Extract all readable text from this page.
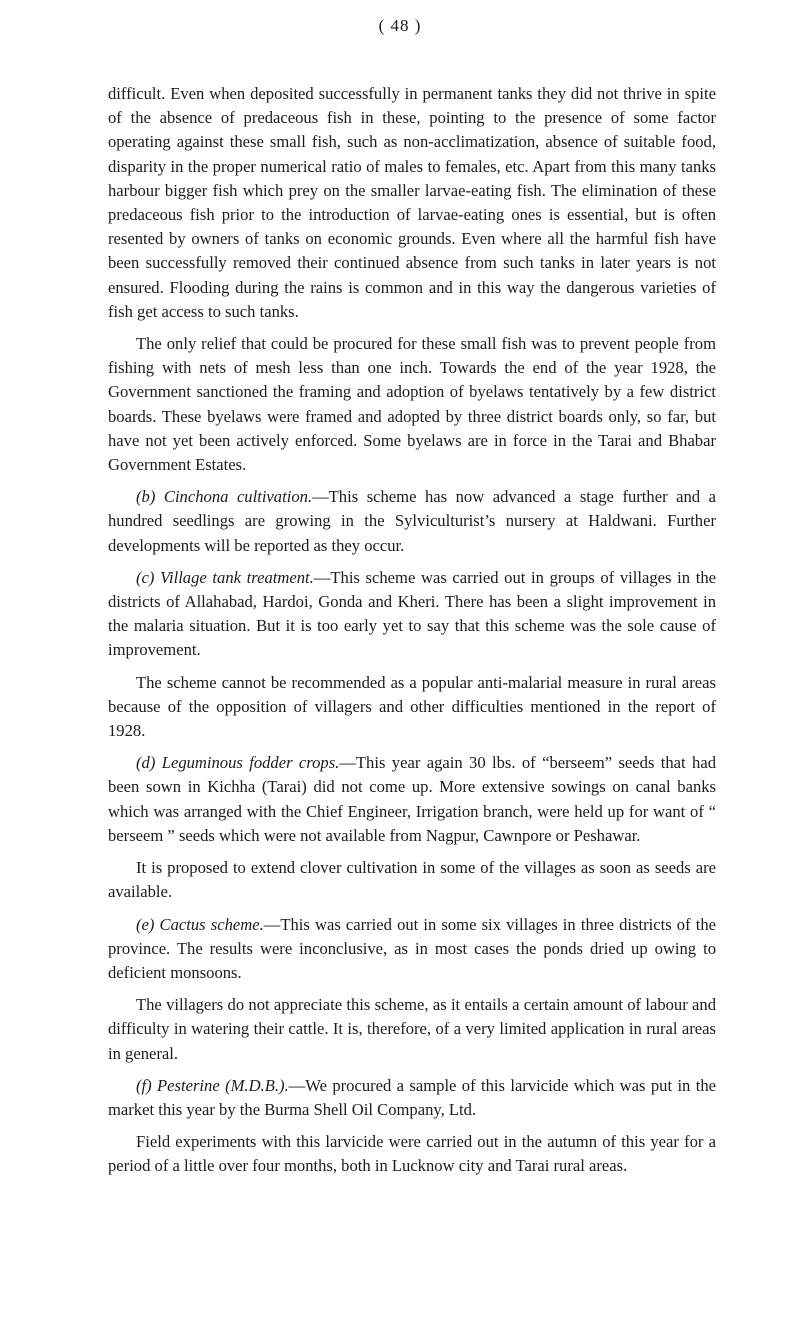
( 48 )

difficult. Even when deposited successfully in permanent tanks they did not thrive in spite of the absence of predaceous fish in these, pointing to the presence of some factor operating against these small fish, such as non-acclimatization, absence of suitable food, disparity in the proper numerical ratio of males to females, etc. Apart from this many tanks harbour bigger fish which prey on the smaller larvae-eating fish. The elimination of these predaceous fish prior to the introduction of larvae-eating ones is essential, but is often resented by owners of tanks on economic grounds. Even where all the harmful fish have been successfully removed their continued absence from such tanks in later years is not ensured. Flooding during the rains is common and in this way the dangerous varieties of fish get access to such tanks.

The only relief that could be procured for these small fish was to prevent people from fishing with nets of mesh less than one inch. Towards the end of the year 1928, the Government sanctioned the framing and adoption of byelaws tentatively by a few district boards. These byelaws were framed and adopted by three district boards only, so far, but have not yet been actively enforced. Some byelaws are in force in the Tarai and Bhabar Government Estates.

(b) Cinchona cultivation.—This scheme has now advanced a stage further and a hundred seedlings are growing in the Sylviculturist’s nursery at Haldwani. Further developments will be reported as they occur.

(c) Village tank treatment.—This scheme was carried out in groups of villages in the districts of Allahabad, Hardoi, Gonda and Kheri. There has been a slight improvement in the malaria situation. But it is too early yet to say that this scheme was the sole cause of improvement.

The scheme cannot be recommended as a popular anti-malarial measure in rural areas because of the opposition of villagers and other difficulties mentioned in the report of 1928.

(d) Leguminous fodder crops.—This year again 30 lbs. of “berseem” seeds that had been sown in Kichha (Tarai) did not come up. More extensive sowings on canal banks which was arranged with the Chief Engineer, Irrigation branch, were held up for want of “ berseem ” seeds which were not available from Nagpur, Cawnpore or Peshawar.

It is proposed to extend clover cultivation in some of the villages as soon as seeds are available.

(e) Cactus scheme.—This was carried out in some six villages in three districts of the province. The results were inconclusive, as in most cases the ponds dried up owing to deficient monsoons.

The villagers do not appreciate this scheme, as it entails a certain amount of labour and difficulty in watering their cattle. It is, therefore, of a very limited application in rural areas in general.

(f) Pesterine (M.D.B.).—We procured a sample of this larvicide which was put in the market this year by the Burma Shell Oil Company, Ltd.

Field experiments with this larvicide were carried out in the autumn of this year for a period of a little over four months, both in Lucknow city and Tarai rural areas.
